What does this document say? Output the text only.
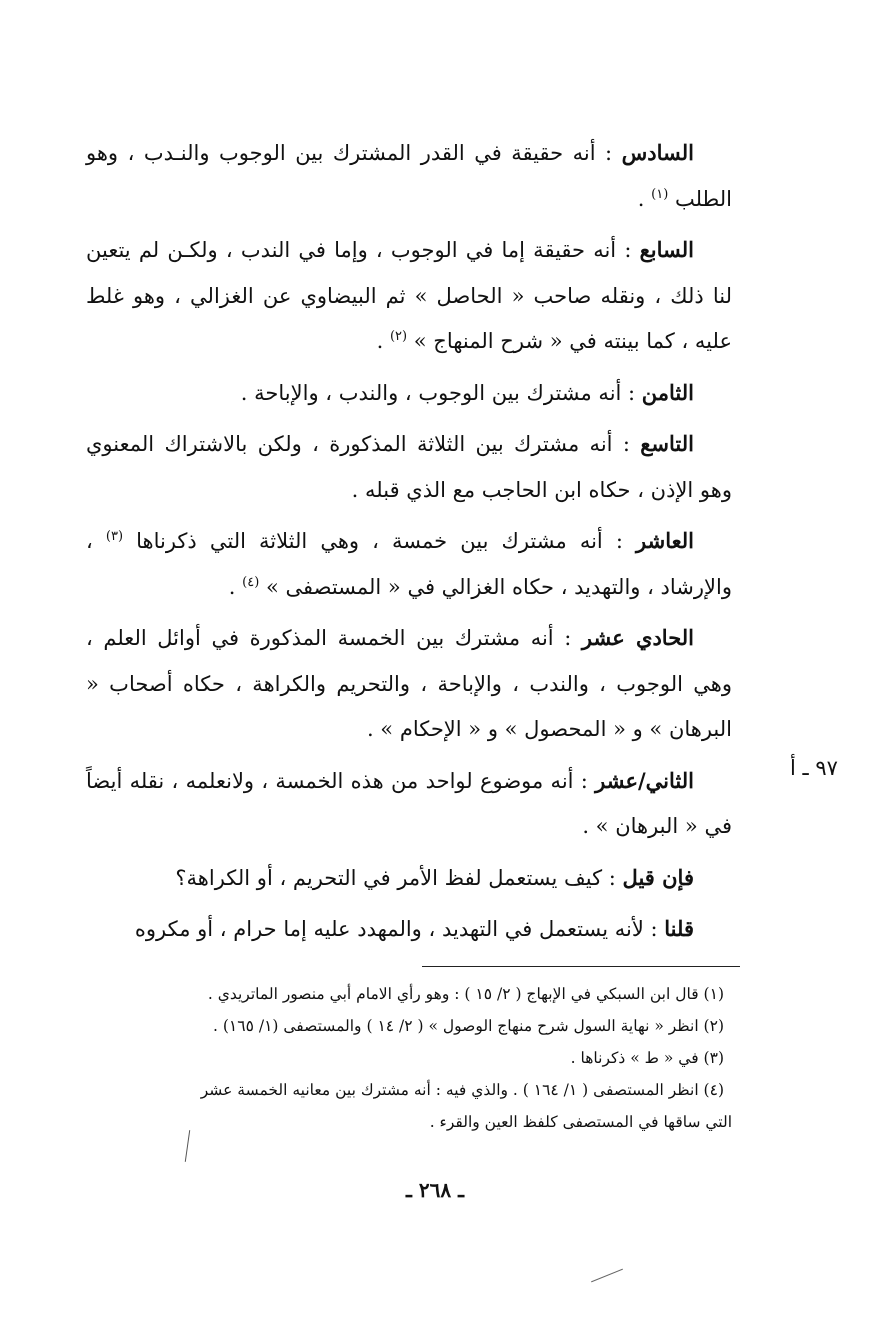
السادس : أنه حقيقة في القدر المشترك بين الوجوب والنـدب ، وهو الطلب $^{(١)}$ .

السابع : أنه حقيقة إما في الوجوب ، وإما في الندب ، ولكـن لم يتعين لنا ذلك ، ونقله صاحب « الحاصل » ثم البيضاوي عن الغزالي ، وهو غلط عليه ، كما بينته في « شرح المنهاج » $^{(٢)}$ .

الثامن : أنه مشترك بين الوجوب ، والندب ، والإباحة .

التاسع : أنه مشترك بين الثلاثة المذكورة ، ولكن بالاشتراك المعنوي وهو الإذن ، حكاه ابن الحاجب مع الذي قبله .

العاشر : أنه مشترك بين خمسة ، وهي الثلاثة التي ذكرناها $^{(٣)}$ ، والإرشاد ، والتهديد ، حكاه الغزالي في « المستصفى » $^{(٤)}$ .

الحادي عشر : أنه مشترك بين الخمسة المذكورة في أوائل العلم ، وهي الوجوب ، والندب ، والإباحة ، والتحريم والكراهة ، حكاه أصحاب « البرهان » و « المحصول » و « الإحكام » .

الثاني/عشر : أنه موضوع لواحد من هذه الخمسة ، ولانعلمه ، نقله أيضاً في « البرهان » .

فإن قيل : كيف يستعمل لفظ الأمر في التحريم ، أو الكراهة؟

قلنا : لأنه يستعمل في التهديد ، والمهدد عليه إما حرام ، أو مكروه

٩٧ ـ أ

(١) قال ابن السبكي في الإبهاج ( ٢/ ١٥ ) : وهو رأي الامام أبي منصور الماتريدي .

(٢) انظر « نهاية السول شرح منهاج الوصول » ( ٢/ ١٤ ) والمستصفى (١/ ١٦٥) .

(٣) في « ط » ذكرناها .

(٤) انظر المستصفى ( ١/ ١٦٤ ) . والذي فيه : أنه مشترك بين معانيه الخمسة عشر

التي ساقها في المستصفى كلفظ العين والقرء .

ـ ٢٦٨ ـ
